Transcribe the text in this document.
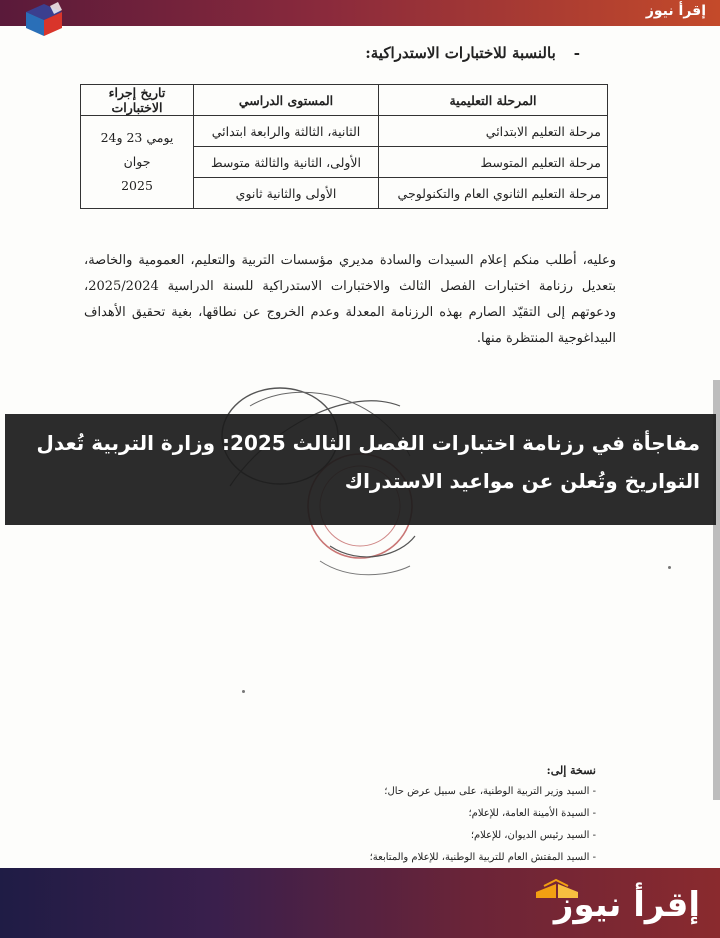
إقرأ نيوز
-بالنسبة للاختبارات الاستدراكية:
المرحلة التعليمية	المستوى الدراسي	تاريخ إجراء الاختبارات
مرحلة التعليم الابتدائي	الثانية، الثالثة والرابعة ابتدائي	يومي 23 و24 جوان
2025

مرحلة التعليم المتوسط	الأولى، الثانية والثالثة متوسط	
مرحلة التعليم الثانوي العام والتكنولوجي	الأولى والثانية ثانوي	

وعليه، أطلب منكم إعلام السيدات والسادة مديري مؤسسات التربية والتعليم، العمومية والخاصة، بتعديل رزنامة اختبارات الفصل الثالث والاختبارات الاستدراكية للسنة الدراسية 2025/2024، ودعوتهم إلى التقيّد الصارم بهذه الرزنامة المعدلة وعدم الخروج عن نطاقها، بغية تحقيق الأهداف البيداغوجية المنتظرة منها.

نسخة إلى:
- السيد وزير التربية الوطنية، على سبيل عرض حال؛
- السيدة الأمينة العامة، للإعلام؛
- السيد رئيس الديوان، للإعلام؛
- السيد المفتش العام للتربية الوطنية، للإعلام والمتابعة؛
مفاجأة في رزنامة اختبارات الفصل الثالث 2025: وزارة التربية تُعدل التواريخ وتُعلن عن مواعيد الاستدراك
إقرأ نيوز
